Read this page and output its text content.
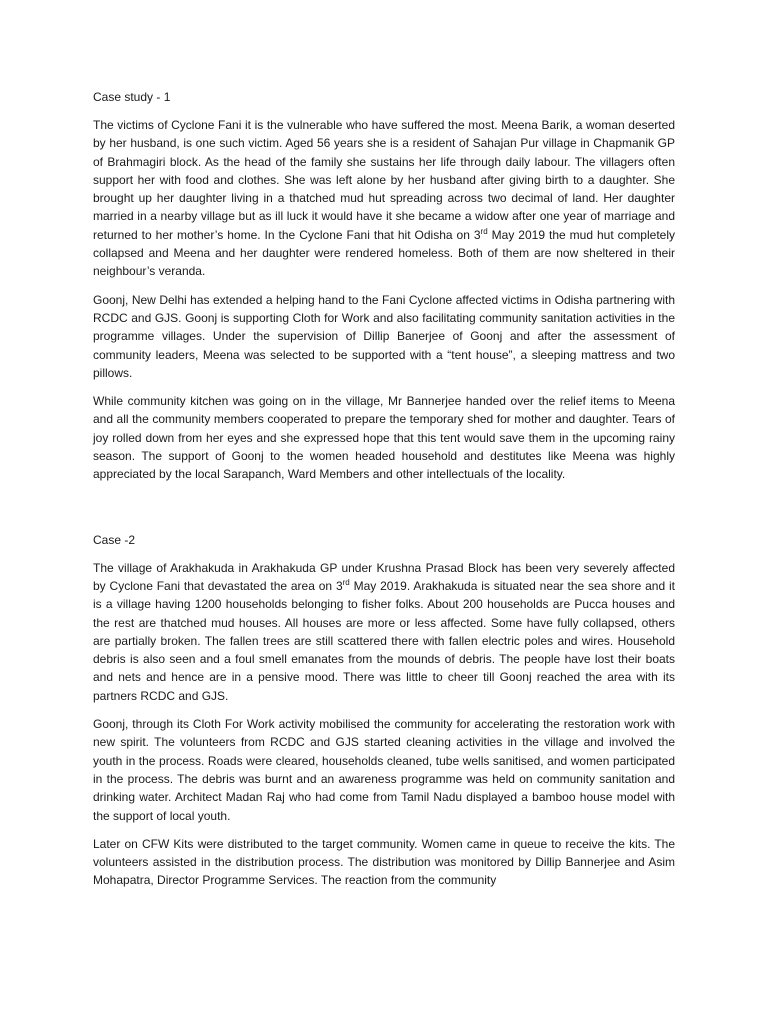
Case study - 1

The victims of Cyclone Fani it is the vulnerable who have suffered the most. Meena Barik, a woman deserted by her husband, is one such victim. Aged 56 years she is a resident of Sahajan Pur village in Chapmanik GP of Brahmagiri block. As the head of the family she sustains her life through daily labour. The villagers often support her with food and clothes. She was left alone by her husband after giving birth to a daughter. She brought up her daughter living in a thatched mud hut spreading across two decimal of land. Her daughter married in a nearby village but as ill luck it would have it she became a widow after one year of marriage and returned to her mother’s home. In the Cyclone Fani that hit Odisha on 3rd May 2019 the mud hut completely collapsed and Meena and her daughter were rendered homeless. Both of them are now sheltered in their neighbour’s veranda.

Goonj, New Delhi has extended a helping hand to the Fani Cyclone affected victims in Odisha partnering with RCDC and GJS. Goonj is supporting Cloth for Work and also facilitating community sanitation activities in the programme villages. Under the supervision of Dillip Banerjee of Goonj and after the assessment of community leaders, Meena was selected to be supported with a “tent house”, a sleeping mattress and two pillows.

While community kitchen was going on in the village, Mr Bannerjee handed over the relief items to Meena and all the community members cooperated to prepare the temporary shed for mother and daughter. Tears of joy rolled down from her eyes and she expressed hope that this tent would save them in the upcoming rainy season. The support of Goonj to the women headed household and destitutes like Meena was highly appreciated by the local Sarapanch, Ward Members and other intellectuals of the locality.

Case -2

The village of Arakhakuda in Arakhakuda GP under Krushna Prasad Block has been very severely affected by Cyclone Fani that devastated the area on 3rd May 2019. Arakhakuda is situated near the sea shore and it is a village having 1200 households belonging to fisher folks. About 200 households are Pucca houses and the rest are thatched mud houses. All houses are more or less affected. Some have fully collapsed, others are partially broken. The fallen trees are still scattered there with fallen electric poles and wires. Household debris is also seen and a foul smell emanates from the mounds of debris. The people have lost their boats and nets and hence are in a pensive mood. There was little to cheer till Goonj reached the area with its partners RCDC and GJS.

Goonj, through its Cloth For Work activity mobilised the community for accelerating the restoration work with new spirit. The volunteers from RCDC and GJS started cleaning activities in the village and involved the youth in the process. Roads were cleared, households cleaned, tube wells sanitised, and women participated in the process. The debris was burnt and an awareness programme was held on community sanitation and drinking water. Architect Madan Raj who had come from Tamil Nadu displayed a bamboo house model with the support of local youth.

Later on CFW Kits were distributed to the target community. Women came in queue to receive the kits. The volunteers assisted in the distribution process. The distribution was monitored by Dillip Bannerjee and Asim Mohapatra, Director Programme Services. The reaction from the community
